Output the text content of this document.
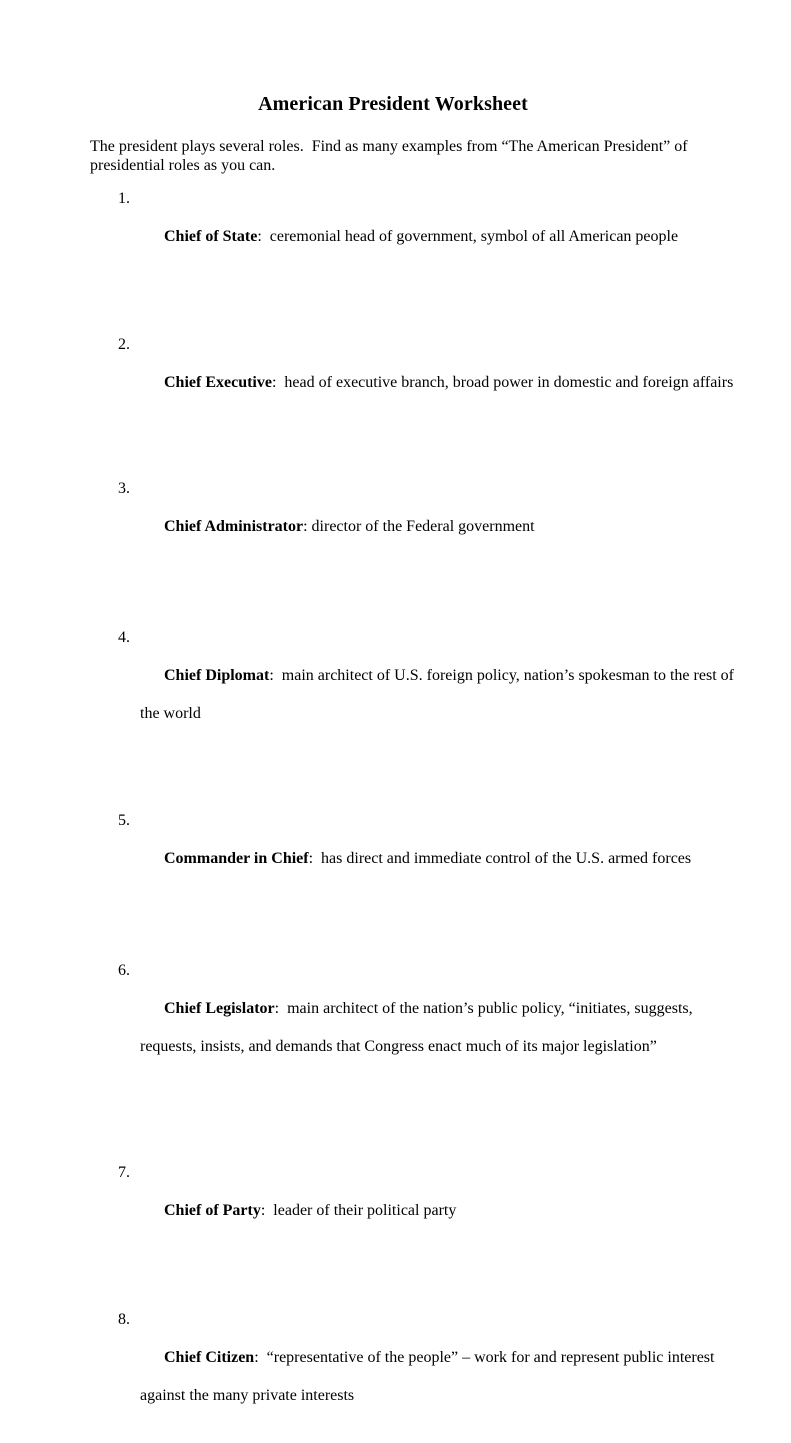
American President Worksheet
The president plays several roles.  Find as many examples from “The American President” of
presidential roles as you can.

1.

Chief of State:  ceremonial head of government, symbol of all American people

2.

Chief Executive:  head of executive branch, broad power in domestic and foreign affairs

3.

Chief Administrator: director of the Federal government

4.

Chief Diplomat:  main architect of U.S. foreign policy, nation’s spokesman to the rest of

the world

5.

Commander in Chief:  has direct and immediate control of the U.S. armed forces

6.

Chief Legislator:  main architect of the nation’s public policy, “initiates, suggests,

requests, insists, and demands that Congress enact much of its major legislation”

7.

Chief of Party:  leader of their political party

8.

Chief Citizen:  “representative of the people” – work for and represent public interest

against the many private interests
